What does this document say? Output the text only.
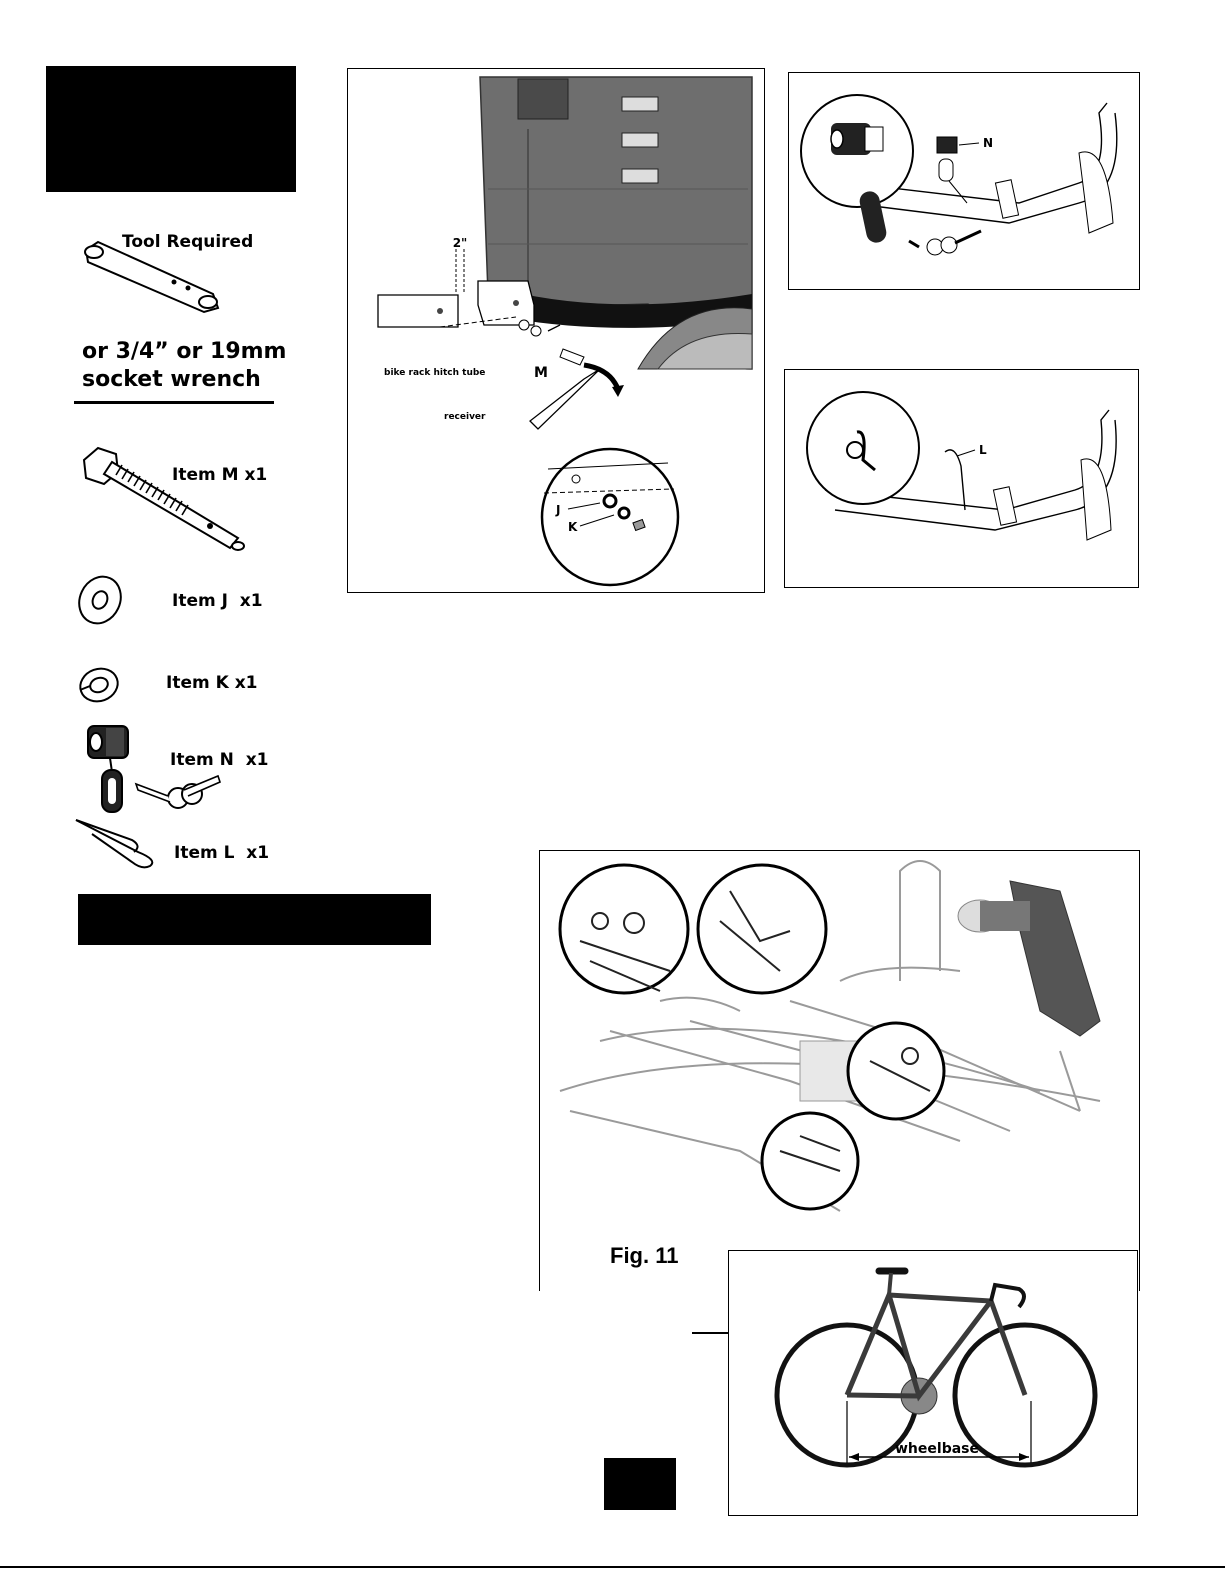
Tool Required
or 3/4” or 19mm
socket wrench
Item M x1
Item J x1
Item K x1
Item N x1
Item L x1
2"
bike rack hitch tube
receiver
M
J
K
N
L
Fig. 11
wheelbase
